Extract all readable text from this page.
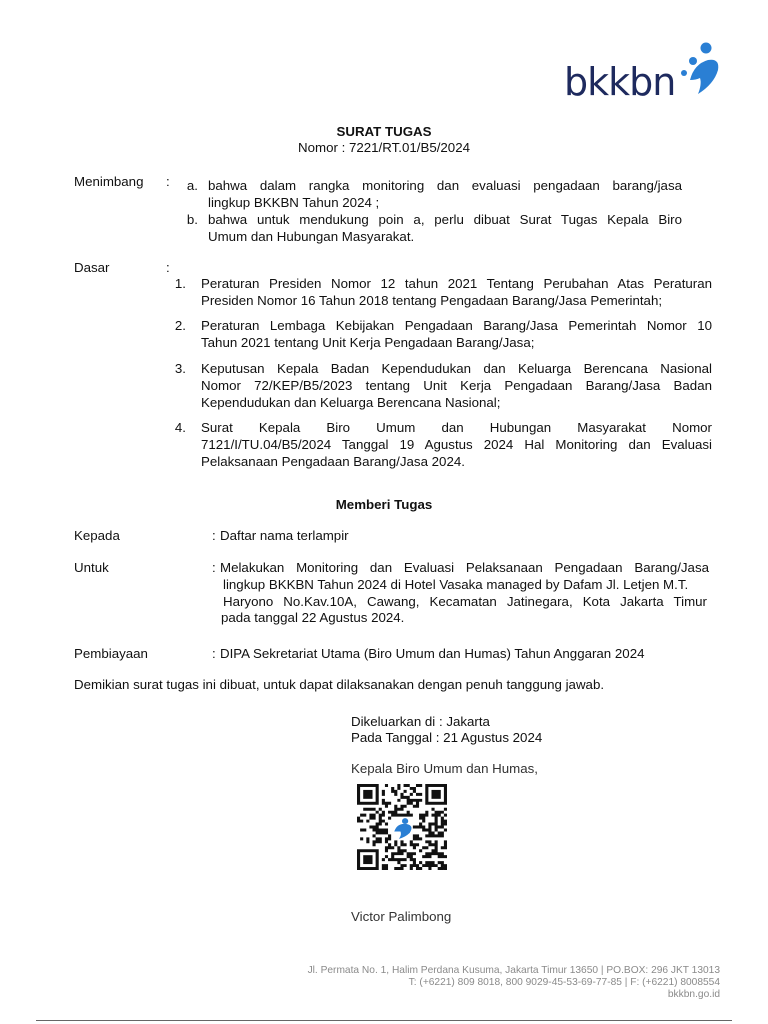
bkkbn
SURAT TUGAS
Nomor : 7221/RT.01/B5/2024
Menimbang :	a. bahwa dalam rangka monitoring dan evaluasi pengadaan barang/jasa
lingkup BKKBN Tahun 2024 ;
b. bahwa untuk mendukung poin a, perlu dibuat Surat Tugas Kepala Biro
Umum dan Hubungan Masyarakat.
Dasar	:
1. Peraturan Presiden Nomor 12 tahun 2021 Tentang Perubahan Atas Peraturan
Presiden Nomor 16 Tahun 2018 tentang Pengadaan Barang/Jasa Pemerintah;
2. Peraturan Lembaga Kebijakan Pengadaan Barang/Jasa Pemerintah Nomor 10
Tahun 2021 tentang Unit Kerja Pengadaan Barang/Jasa;
3. Keputusan Kepala Badan Kependudukan dan Keluarga Berencana Nasional
Nomor 72/KEP/B5/2023 tentang Unit Kerja Pengadaan Barang/Jasa Badan
Kependudukan dan Keluarga Berencana Nasional;
4. Surat Kepala Biro Umum dan Hubungan Masyarakat Nomor
7121/I/TU.04/B5/2024 Tanggal 19 Agustus 2024 Hal Monitoring dan Evaluasi
Pelaksanaan Pengadaan Barang/Jasa 2024.
Memberi Tugas
Kepada	: Daftar nama terlampir
Untuk	: Melakukan Monitoring dan Evaluasi Pelaksanaan Pengadaan Barang/Jasa
lingkup BKKBN Tahun 2024 di Hotel Vasaka managed by Dafam Jl. Letjen M.T.
Haryono No.Kav.10A, Cawang, Kecamatan Jatinegara, Kota Jakarta Timur
pada tanggal 22 Agustus 2024.
Pembiayaan	: DIPA Sekretariat Utama (Biro Umum dan Humas) Tahun Anggaran 2024
Demikian surat tugas ini dibuat, untuk dapat dilaksanakan dengan penuh tanggung jawab.
Dikeluarkan di : Jakarta
Pada Tanggal : 21 Agustus 2024
Kepala Biro Umum dan Humas,
Victor Palimbong
Jl. Permata No. 1, Halim Perdana Kusuma, Jakarta Timur 13650 | PO.BOX: 296 JKT 13013
T: (+6221) 809 8018, 800 9029-45-53-69-77-85 | F: (+6221) 8008554
bkkbn.go.id
